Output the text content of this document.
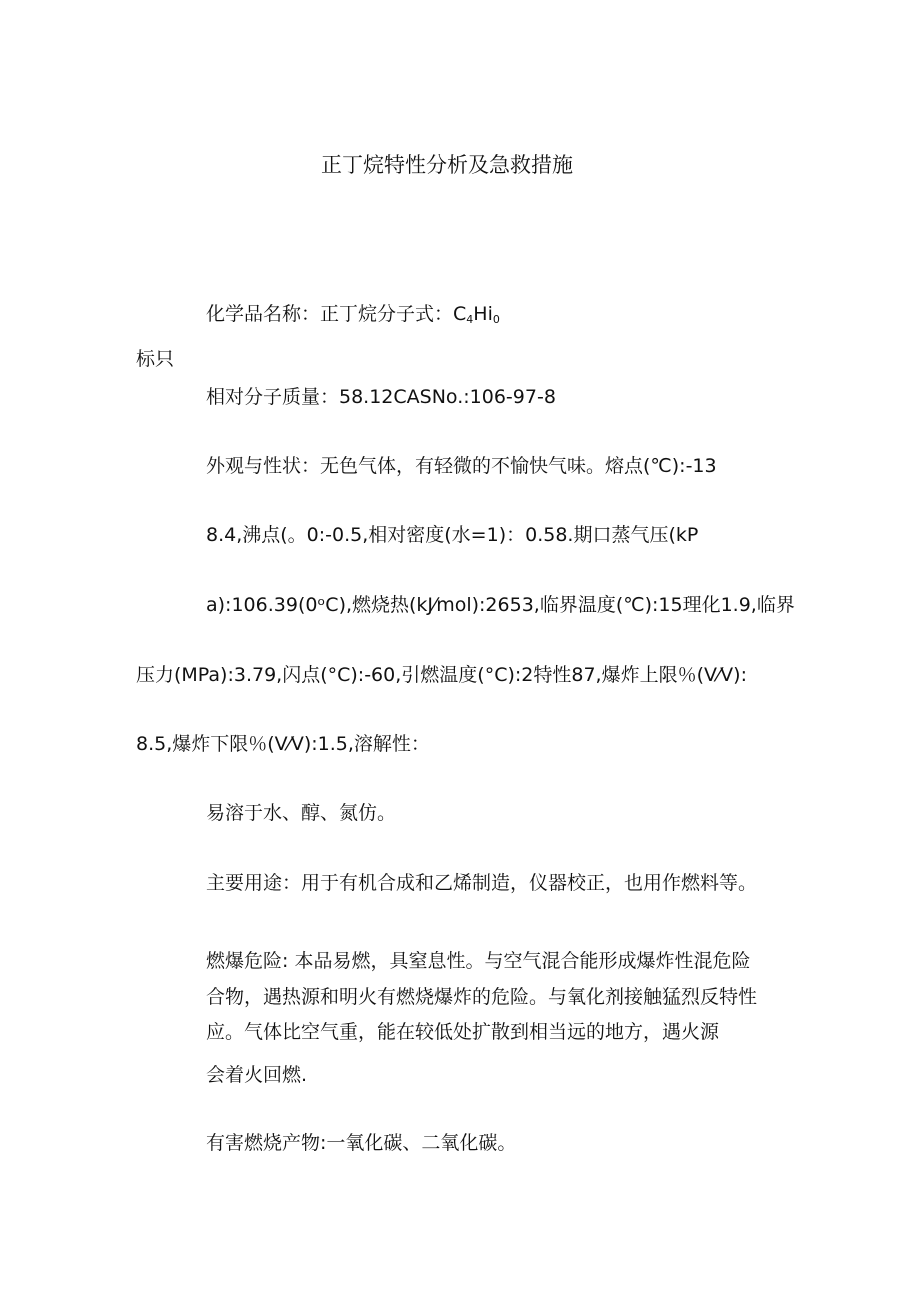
正丁烷特性分析及急救措施
化学品名称：正丁烷分子式：$C_4Hi_0$
标只
相对分子质量：58.12CASNo.:106-97-8
外观与性状：无色气体，有轻微的不愉快气味。熔点(℃):-13
8.4,沸点(。0:-0.5,相对密度(水=1)：0.58.期口蒸气压(kP
a):106.39(0ᵒC),燃烧热(kJ⁄mol):2653,临界温度(℃):15理化1.9,临界
压力(MPa):3.79,闪点(°C):-60,引燃温度(°C):2特性87,爆炸上限％(V⁄V):
8.5,爆炸下限％(V⁄V):1.5,溶解性：
易溶于水、醇、氮仿。
主要用途：用于有机合成和乙烯制造，仪器校正，也用作燃料等。
燃爆危险: 本品易燃，具窒息性。与空气混合能形成爆炸性混危险
合物，遇热源和明火有燃烧爆炸的危险。与氧化剂接触猛烈反特性
应。气体比空气重，能在较低处扩散到相当远的地方，遇火源
会着火回燃.
有害燃烧产物:一氧化碳、二氧化碳。
